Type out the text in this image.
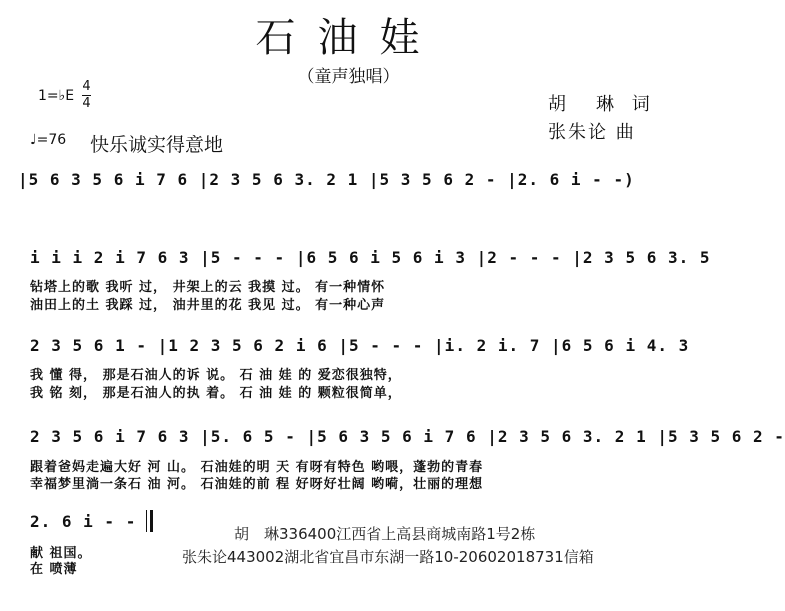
石油娃
（童声独唱）
1=♭E
4
4
♩=76 快乐诚实得意地
胡　琳 词
张朱论 曲
|5 6 3 5 6 i 7 6 |2 3 5 6 3. 2 1 |5 3 5 6 2 - |2. 6 i - -)
i i i 2 i 7 6 3 |5 - - - |6 5 6 i 5 6 i 3 |2 - - - |2 3 5 6 3. 5
钻塔上的歌 我听 过， 井架上的云 我摸 过。 有一种情怀
油田上的土 我踩 过， 油井里的花 我见 过。 有一种心声
2 3 5 6 1 - |1 2 3 5 6 2 i 6 |5 - - - |i. 2 i. 7 |6 5 6 i 4. 3
我 懂 得， 那是石油人的诉 说。 石 油 娃 的 爱恋很独特，
我 铭 刻， 那是石油人的执 着。 石 油 娃 的 颗粒很简单，
2 3 5 6 i 7 6 3 |5. 6 5 - |5 6 3 5 6 i 7 6 |2 3 5 6 3. 2 1 |5 3 5 6 2 -
跟着爸妈走遍大好 河 山。 石油娃的明 天 有呀有特色 哟喂，蓬勃的青春
幸福梦里淌一条石 油 河。 石油娃的前 程 好呀好壮阔 哟嗬，壮丽的理想
2. 6 i - -
献 祖国。
在 喷薄
胡　琳336400江西省上高县商城南路1号2栋
张朱论443002湖北省宜昌市东湖一路10-20602018731信箱
